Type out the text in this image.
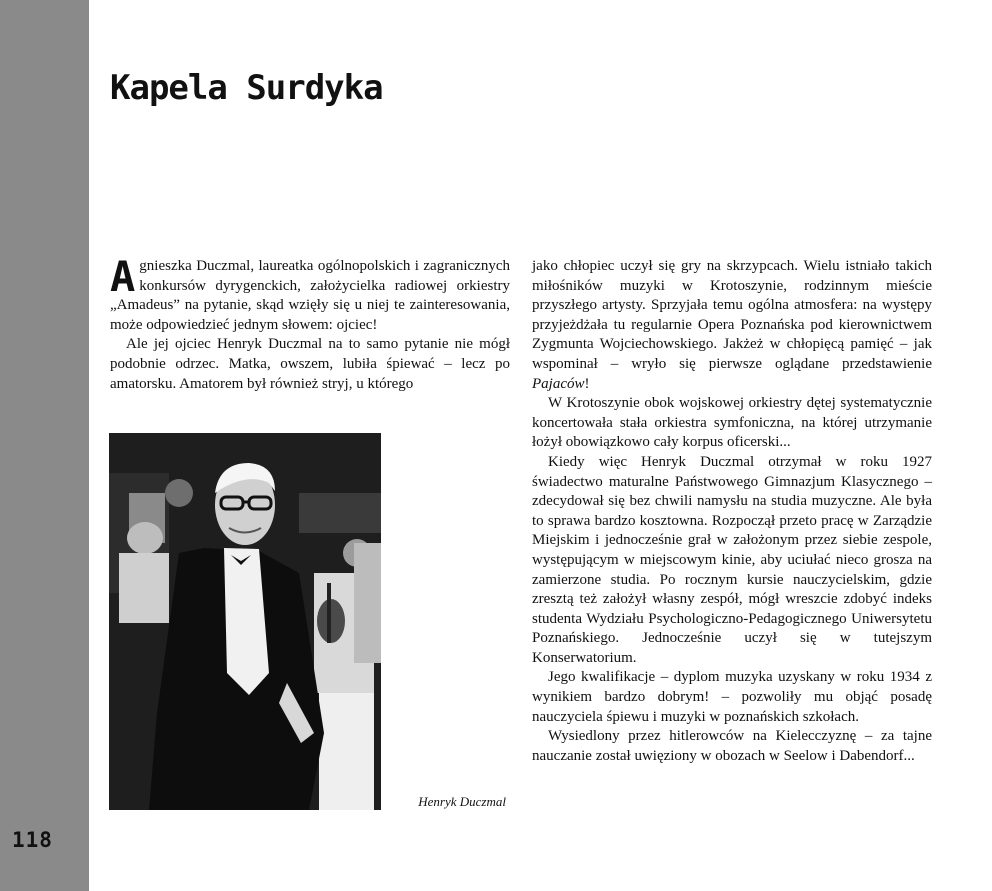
118
Kapela Surdyka

Agnieszka Duczmal, laureatka ogólnopolskich i zagranicznych konkursów dyrygenckich, założycielka radiowej orkiestry „Amadeus” na pytanie, skąd wzięły się u niej te zainteresowania, może odpowiedzieć jednym słowem: ojciec!

Ale jej ojciec Henryk Duczmal na to samo pytanie nie mógł podobnie odrzec. Matka, owszem, lubiła śpiewać – lecz po amatorsku. Amatorem był również stryj, u którego

jako chłopiec uczył się gry na skrzypcach. Wielu istniało takich miłośników muzyki w Krotoszynie, rodzinnym mieście przyszłego artysty. Sprzyjała temu ogólna atmosfera: na występy przyjeżdżała tu regularnie Opera Poznańska pod kierownictwem Zygmunta Wojciechowskiego. Jakżeż w chłopięcą pamięć – jak wspominał – wryło się pierwsze oglądane przedstawienie Pajaców!

W Krotoszynie obok wojskowej orkiestry dętej systematycznie koncertowała stała orkiestra symfoniczna, na której utrzymanie łożył obowiązkowo cały korpus oficerski...

Kiedy więc Henryk Duczmal otrzymał w roku 1927 świadectwo maturalne Państwowego Gimnazjum Klasycznego – zdecydował się bez chwili namysłu na studia muzyczne. Ale była to sprawa bardzo kosztowna. Rozpoczął przeto pracę w Zarządzie Miejskim i jednocześnie grał w założonym przez siebie zespole, występującym w miejscowym kinie, aby uciułać nieco grosza na zamierzone studia. Po rocznym kursie nauczycielskim, gdzie zresztą też założył własny zespół, mógł wreszcie zdobyć indeks studenta Wydziału Psychologiczno-Pedagogicznego Uniwersytetu Poznańskiego. Jednocześnie uczył się w tutejszym Konserwatorium.

Jego kwalifikacje – dyplom muzyka uzyskany w roku 1934 z wynikiem bardzo dobrym! – pozwoliły mu objąć posadę nauczyciela śpiewu i muzyki w poznańskich szkołach.

Wysiedlony przez hitlerowców na Kielecczyznę – za tajne nauczanie został uwięziony w obozach w Seelow i Dabendorf...

Henryk Duczmal
